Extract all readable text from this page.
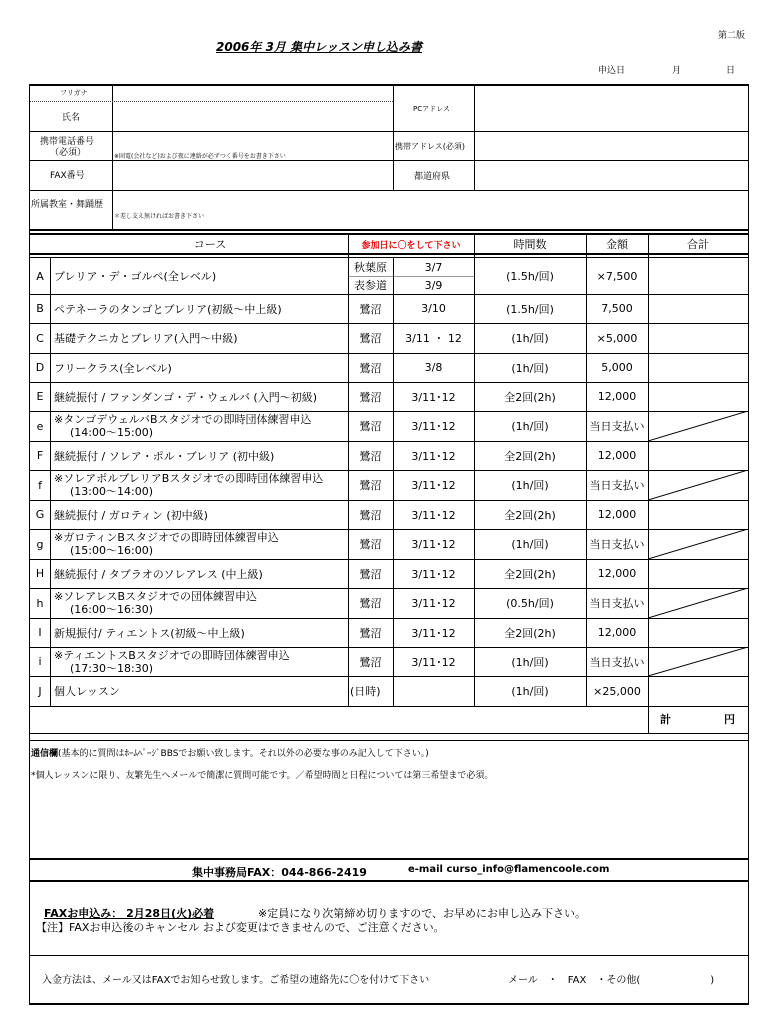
第二版
2006年 3月 集中レッスン申し込み書
申込日	月	日
フリガナ
氏名
PCアドレス
携帯電話番号
（必須）	※固電(会社など)および夜に連絡が必ずつく番号をお書き下さい
携帯アドレス(必須)
FAX番号	都道府県
所属教室・舞踊歴
＊差し支え無ければお書き下さい
A ブレリア・デ・ゴルペ(全レベル)
秋葉原	3/7
表参道	3/9
(1.5h/回)	×7,500
B ペテネーラのタンゴとブレリア(初級～中上級)	鷺沼	3/10	(1.5h/回)	7,500
C 基礎テクニカとブレリア(入門～中級)	鷺沼	3/11 ・ 12	(1h/回)	×5,000
D フリークラス(全レベル)	鷺沼	3/8	(1h/回)	5,000
E 継続振付 / ファンダンゴ・デ・ウェルバ (入門～初級)	鷺沼	3/11･12	全2回(2h)	12,000
e ※タンゴデウェルバBスタジオでの即時団体練習申込
(14:00～15:00)	鷺沼	3/11･12	(1h/回)	当日支払い
F 継続振付 / ソレア・ポル・ブレリア (初中級)	鷺沼	3/11･12	全2回(2h)	12,000
f	※ソレアポルブレリアBスタジオでの即時団体練習申込
(13:00～14:00)	鷺沼	3/11･12	(1h/回)	当日支払い
G 継続振付 / ガロティン (初中級)	鷺沼	3/11･12	全2回(2h)	12,000
g ※ガロティンBスタジオでの即時団体練習申込
(15:00～16:00)	鷺沼	3/11･12	(1h/回)	当日支払い
H 継続振付 / タブラオのソレアレス (中上級)	鷺沼	3/11･12	全2回(2h)	12,000
h ※ソレアレスBスタジオでの団体練習申込
(16:00～16:30)	鷺沼	3/11･12	(0.5h/回)	当日支払い
I	新規振付/ ティエントス(初級～中上級)	鷺沼	3/11･12	全2回(2h)	12,000
i	※ティエントスBスタジオでの即時団体練習申込
(17:30～18:30)	鷺沼	3/11･12	(1h/回)	当日支払い
J	個人レッスン	(日時)	(1h/回)	×25,000
コース	参加日に〇をして下さい	時間数	金額	合計
計	円
通信欄(基本的に質問はﾎｰﾑﾍﾟｰｼﾞBBSでお願い致します。それ以外の必要な事のみ記入して下さい。)
*個人レッスンに限り、友繁先生へメールで簡潔に質問可能です。／希望時間と日程については第三希望まで必須。
集中事務局FAX：044-866-2419	e-mail curso_info@flamencoole.com
FAXお申込み： 2月28日(火)必着	※定員になり次第締め切りますので、お早めにお申し込み下さい。
【注】FAXお申込後のキャンセル および変更はできませんので、ご注意ください。
入金方法は、メール又はFAXでお知らせ致します。ご希望の連絡先に〇を付けて下さい	メール　・　FAX　・その他(　　　　　　　)
